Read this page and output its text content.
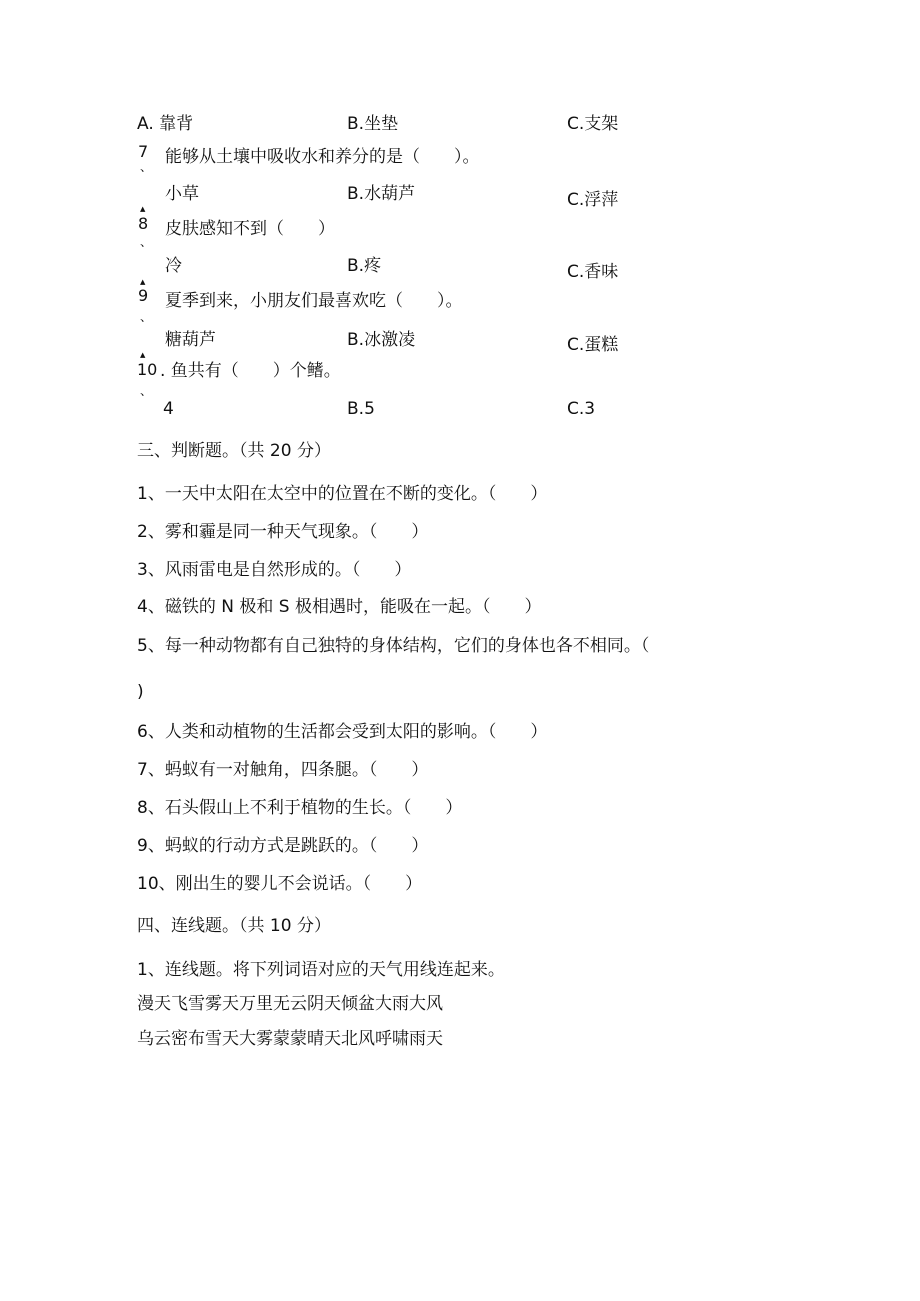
A. 靠背	B.坐垫	C.支架
7
、 能够从土壤中吸收水和养分的是（　　）。
小草	B.水葫芦	C.浮萍
▲
8
、
皮肤感知不到（　　）
冷	B.疼	C.香味
▲
9
、
夏季到来，小朋友们最喜欢吃（　　）。
糖葫芦	B.冰激凌	C.蛋糕
▲
10
、
. 鱼共有（　　）个鳍。
4	B.5	C.3
三、判断题。（共 20 分）
1、一天中太阳在太空中的位置在不断的变化。（　　）
2、雾和霾是同一种天气现象。（　　）
3、风雨雷电是自然形成的。（　　）
4、磁铁的 N 极和 S 极相遇时，能吸在一起。（　　）
5、每一种动物都有自己独特的身体结构，它们的身体也各不相同。（
)
6、人类和动植物的生活都会受到太阳的影响。（　　）
7、蚂蚁有一对触角，四条腿。（　　）
8、石头假山上不利于植物的生长。（　　）
9、蚂蚁的行动方式是跳跃的。（　　）
10、刚出生的婴儿不会说话。（　　）
四、连线题。（共 10 分）
1、连线题。将下列词语对应的天气用线连起来。
漫天飞雪雾天万里无云阴天倾盆大雨大风
乌云密布雪天大雾蒙蒙晴天北风呼啸雨天
